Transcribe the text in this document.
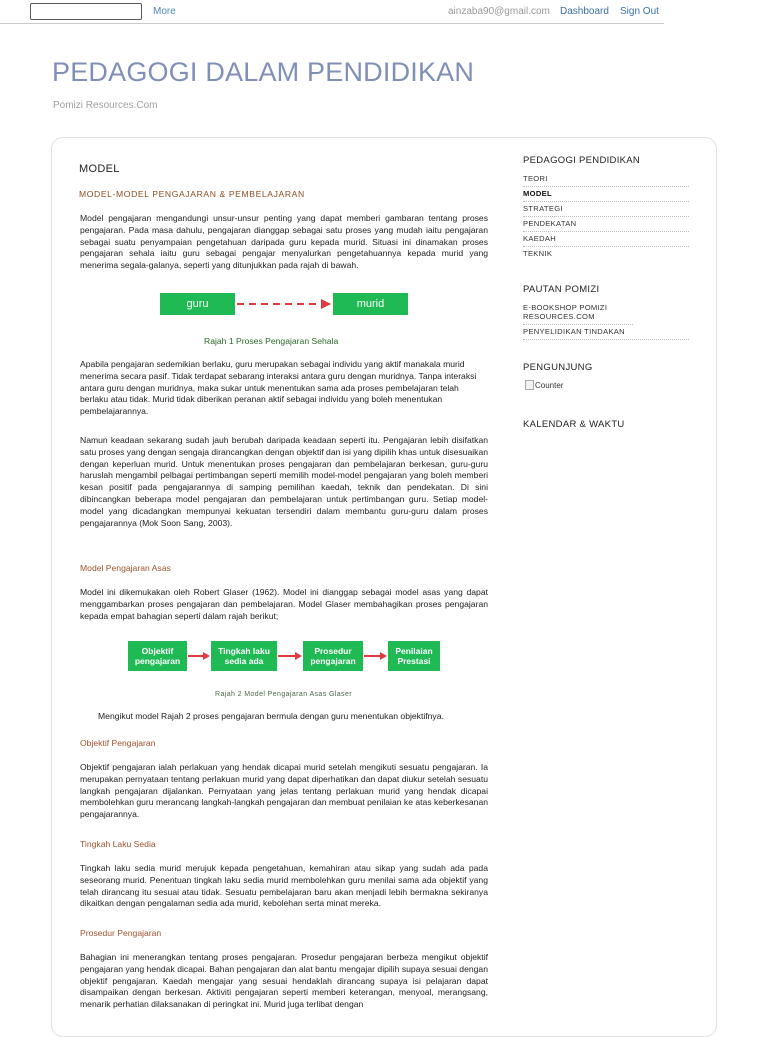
More	ainzaba90@gmail.com Dashboard Sign Out
PEDAGOGI DALAM PENDIDIKAN
Pomizi Resources.Com
MODEL
MODEL-MODEL PENGAJARAN & PEMBELAJARAN
Model pengajaran mengandungi unsur-unsur penting yang dapat memberi gambaran tentang proses pengajaran. Pada masa dahulu, pengajaran dianggap sebagai satu proses yang mudah iaitu pengajaran sebagai suatu penyampaian pengetahuan daripada guru kepada murid. Situasi ini dinamakan proses pengajaran sehala iaitu guru sebagai pengajar menyalurkan pengetahuannya kepada murid yang menerima segala-galanya, seperti yang ditunjukkan pada rajah di bawah.
guru	murid
Rajah 1 Proses Pengajaran Sehala
Apabila pengajaran sedemikian berlaku, guru merupakan sebagai individu yang aktif manakala murid menerima secara pasif. Tidak terdapat sebarang interaksi antara guru dengan muridnya. Tanpa interaksi antara guru dengan muridnya, maka sukar untuk menentukan sama ada proses pembelajaran telah berlaku atau tidak. Murid tidak diberikan peranan aktif sebagai individu yang boleh menentukan pembelajarannya.
Namun keadaan sekarang sudah jauh berubah daripada keadaan seperti itu. Pengajaran lebih disifatkan satu proses yang dengan sengaja dirancangkan dengan objektif dan isi yang dipilih khas untuk disesuaikan dengan keperluan murid. Untuk menentukan proses pengajaran dan pembelajaran berkesan, guru-guru haruslah mengambil pelbagai pertimbangan seperti memilih model-model pengajaran yang boleh memberi kesan positif pada pengajarannya di samping pemilihan kaedah, teknik dan pendekatan. Di sini dibincangkan beberapa model pengajaran dan pembelajaran untuk pertimbangan guru. Setiap model-model yang dicadangkan mempunyai kekuatan tersendiri dalam membantu guru-guru dalam proses pengajarannya (Mok Soon Sang, 2003).
Model Pengajaran Asas
Model ini dikemukakan oleh Robert Glaser (1962). Model ini dianggap sebagai model asas yang dapat menggambarkan proses pengajaran dan pembelajaran. Model Glaser membahagikan proses pengajaran kepada empat bahagian seperti dalam rajah berikut;
Objektif
pengajaran
Tingkah laku
sedia ada
Prosedur
pengajaran
Penilaian
Prestasi
Rajah 2 Model Pengajaran Asas Glaser
Mengikut model Rajah 2 proses pengajaran bermula dengan guru menentukan objektifnya.
Objektif Pengajaran
Objektif pengajaran ialah perlakuan yang hendak dicapai murid setelah mengikuti sesuatu pengajaran. Ia merupakan pernyataan tentang perlakuan murid yang dapat diperhatikan dan dapat diukur setelah sesuatu langkah pengajaran dijalankan. Pernyataan yang jelas tentang perlakuan murid yang hendak dicapai membolehkan guru merancang langkah-langkah pengajaran dan membuat penilaian ke atas keberkesanan pengajarannya.
Tingkah Laku Sedia
Tingkah laku sedia murid merujuk kepada pengetahuan, kemahiran atau sikap yang sudah ada pada seseorang murid. Penentuan tingkah laku sedia murid membolehkan guru menilai sama ada objektif yang telah dirancang itu sesuai atau tidak. Sesuatu pembelajaran baru akan menjadi lebih bermakna sekiranya dikaitkan dengan pengalaman sedia ada murid, kebolehan serta minat mereka.
Prosedur Pengajaran
Bahagian ini menerangkan tentang proses pengajaran. Prosedur pengajaran berbeza mengikut objektif pengajaran yang hendak dicapai. Bahan pengajaran dan alat bantu mengajar dipilih supaya sesuai dengan objektif pengajaran. Kaedah mengajar yang sesuai hendaklah dirancang supaya isi pelajaran dapat disampaikan dengan berkesan. Aktiviti pengajaran seperti memberi keterangan, menyoal, merangsang, menarik perhatian dilaksanakan di peringkat ini. Murid juga terlibat dengan
PEDAGOGI PENDIDIKAN
TEORI
MODEL
STRATEGI
PENDEKATAN
KAEDAH
TEKNIK
PAUTAN POMIZI
E-BOOKSHOP POMIZI RESOURCES.COM
PENYELIDIKAN TINDAKAN
PENGUNJUNG
Counter
KALENDAR & WAKTU
